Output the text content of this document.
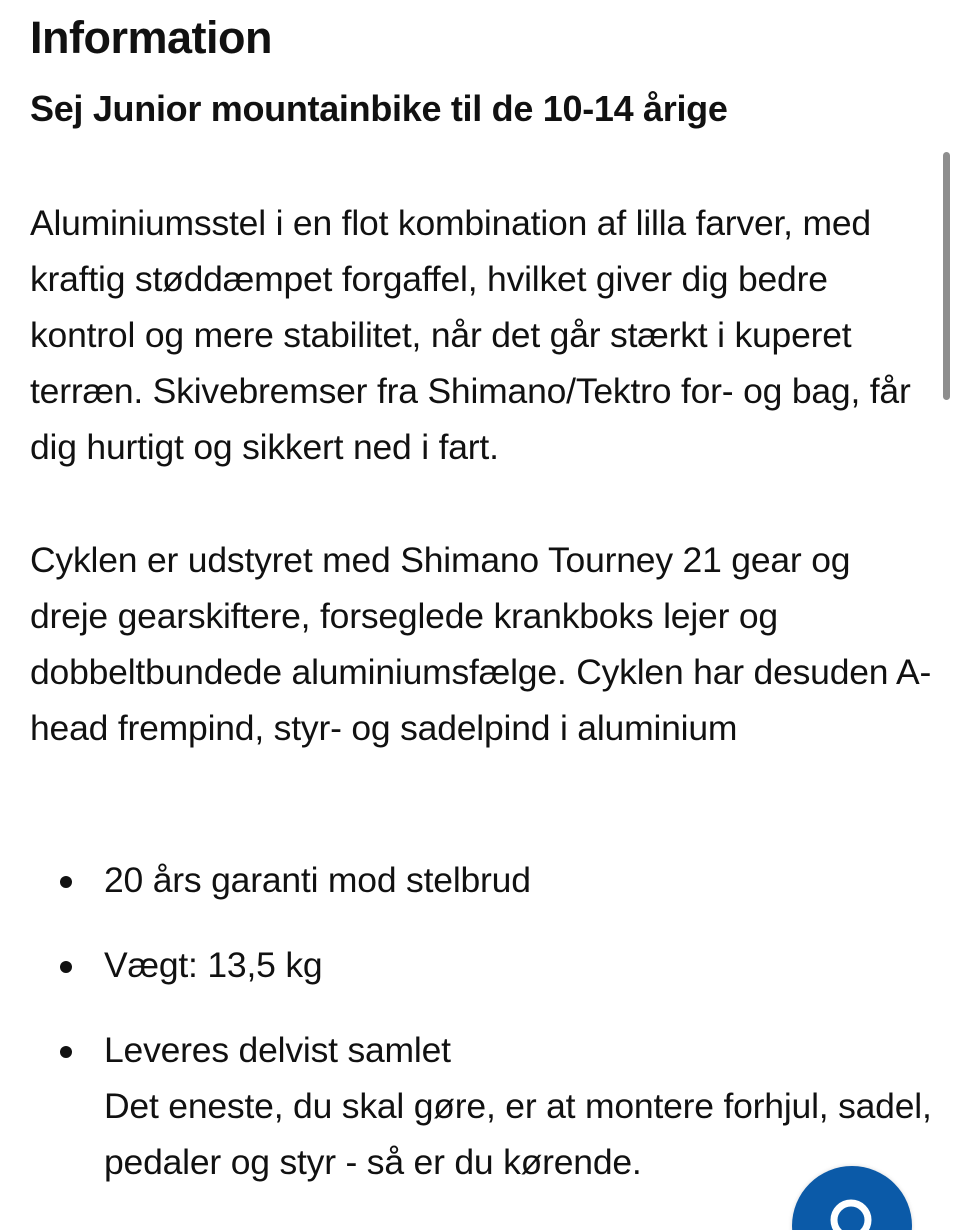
Information
Sej Junior mountainbike til de 10-14 årige

Aluminiumsstel i en flot kombination af lilla farver, med kraftig støddæmpet forgaffel, hvilket giver dig bedre kontrol og mere stabilitet, når det går stærkt i kuperet terræn. Skivebremser fra Shimano/Tektro for- og bag, får dig hurtigt og sikkert ned i fart.

Cyklen er udstyret med Shimano Tourney 21 gear og dreje gearskiftere, forseglede krankboks lejer og dobbeltbundede aluminiumsfælge. Cyklen har desuden A-head frempind, styr- og sadelpind i aluminium

20 års garanti mod stelbrud
Vægt: 13,5 kg
Leveres delvist samlet
Det eneste, du skal gøre, er at montere forhjul, sadel, pedaler og styr - så er du kørende.
